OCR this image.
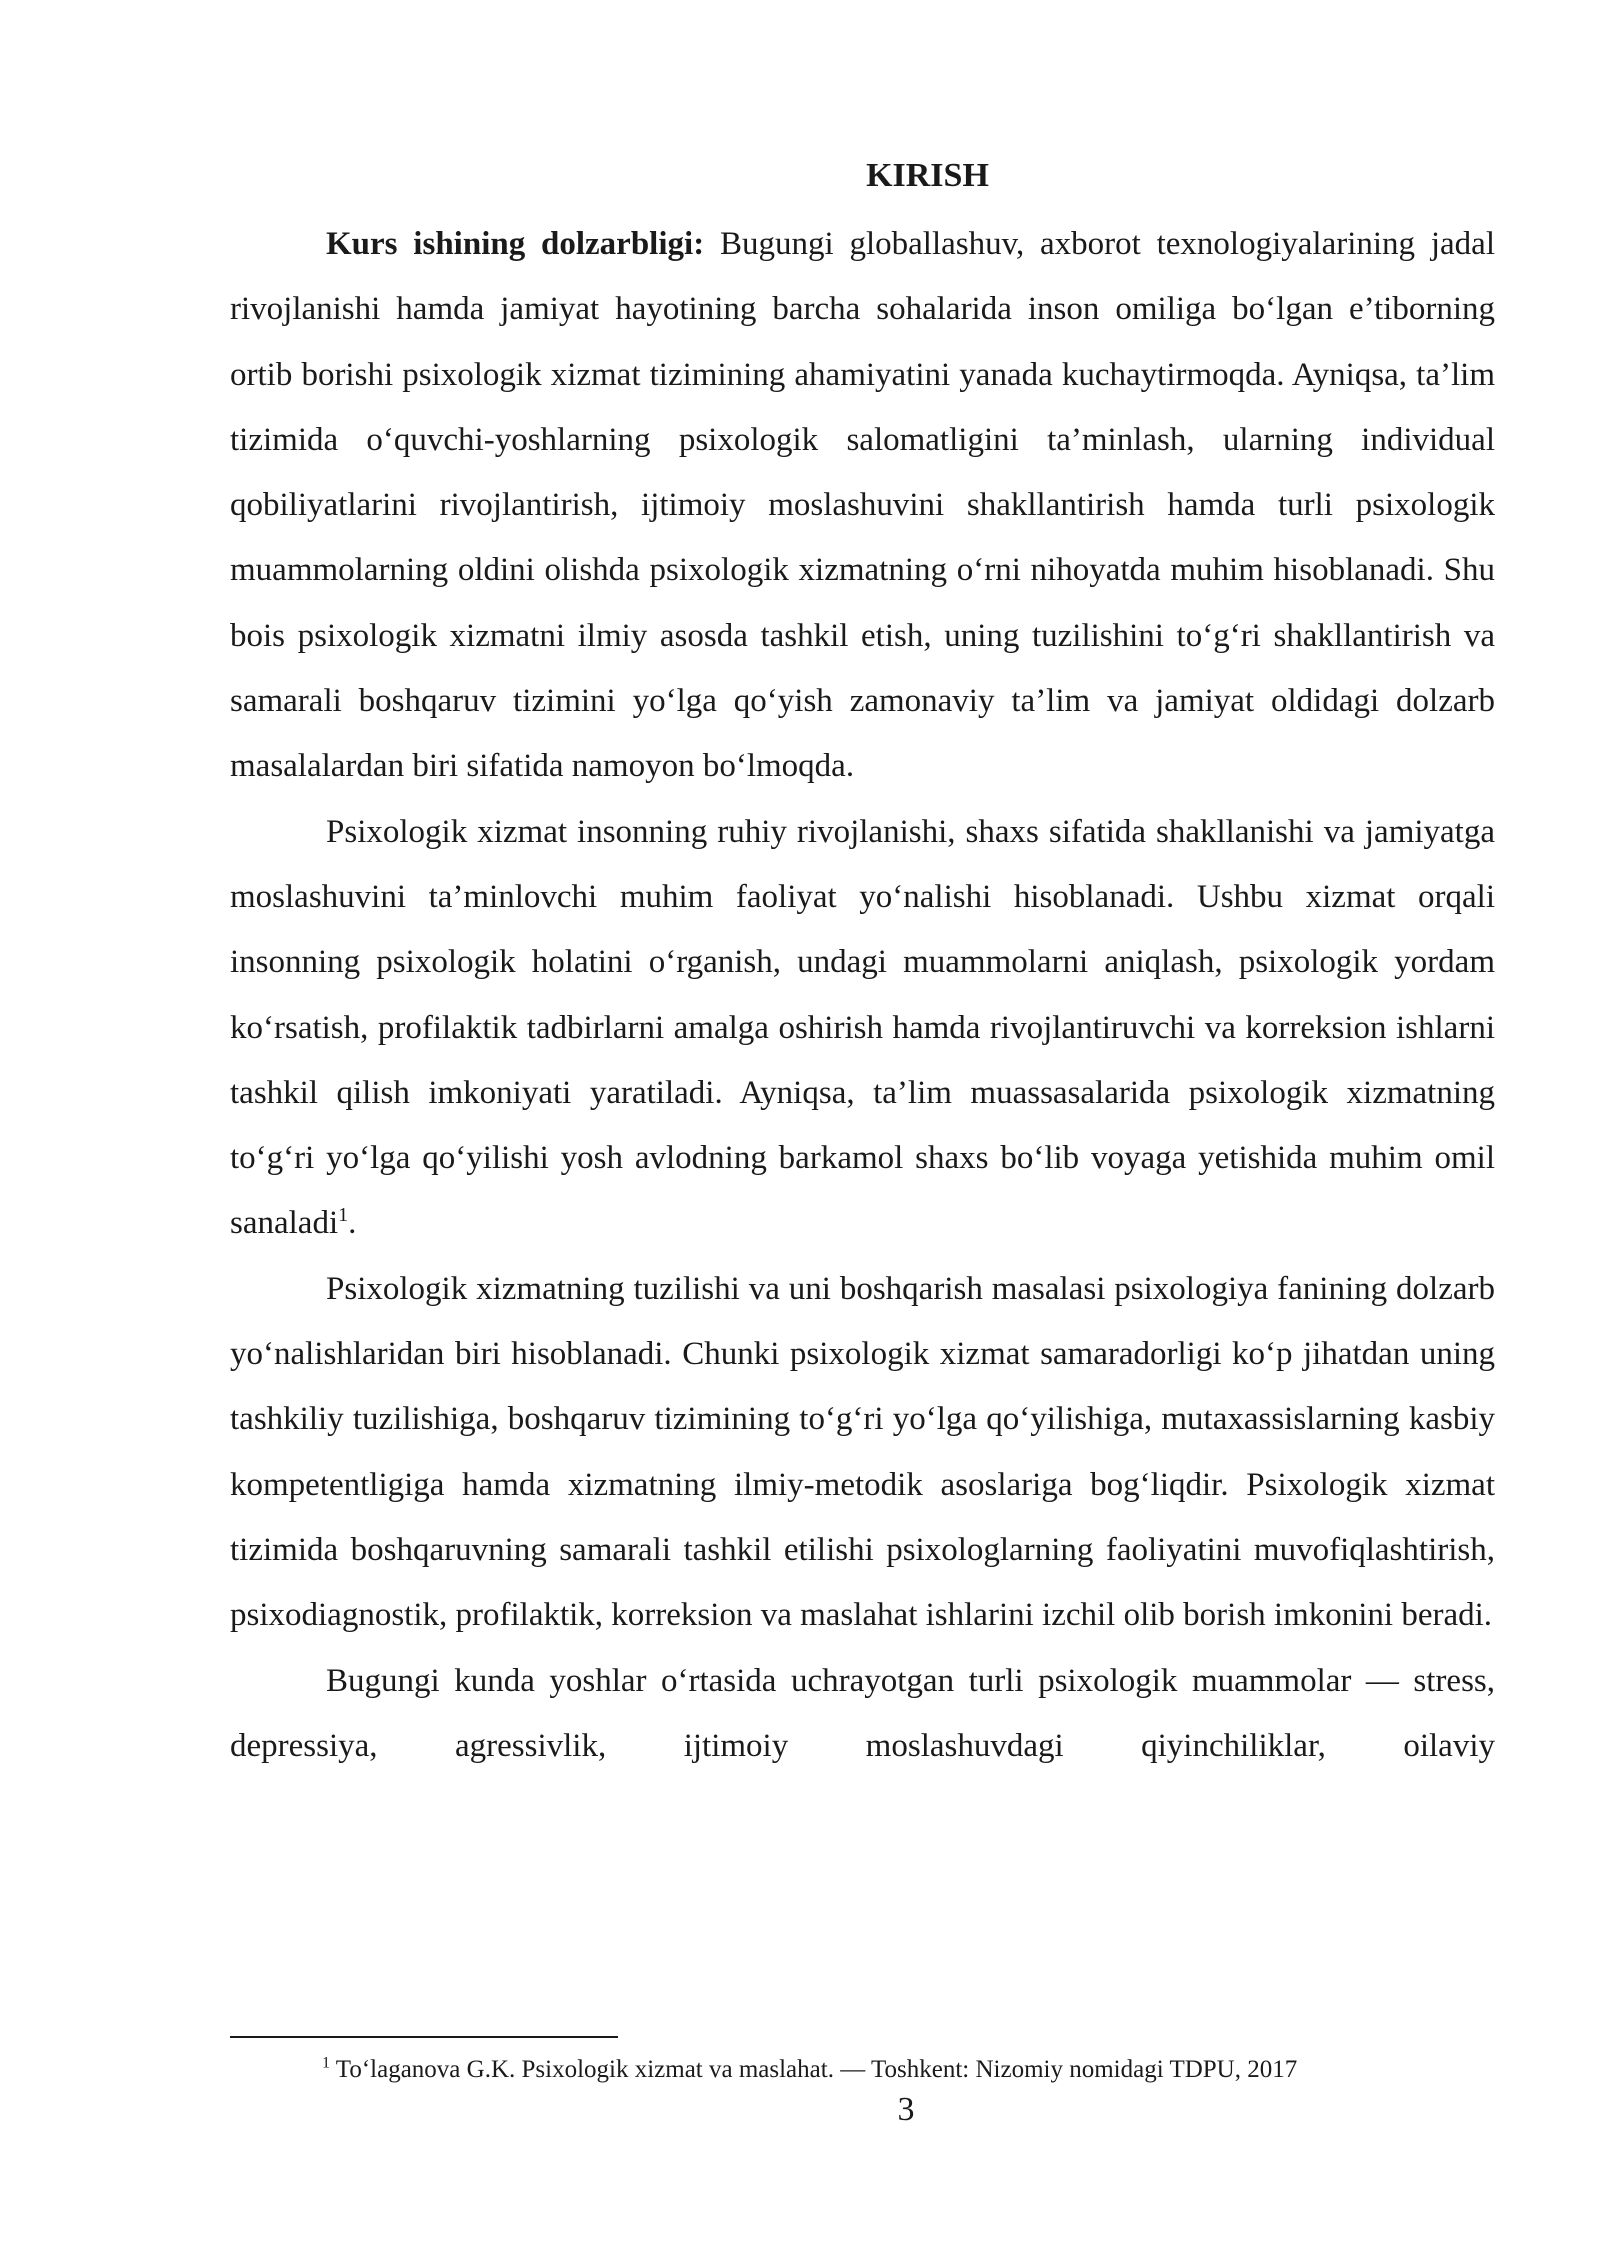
KIRISH

Kurs ishining dolzarbligi: Bugungi globallashuv, axborot texnologiyalarining jadal rivojlanishi hamda jamiyat hayotining barcha sohalarida inson omiliga boʻlgan e’tiborning ortib borishi psixologik xizmat tizimining ahamiyatini yanada kuchaytirmoqda. Ayniqsa, ta’lim tizimida oʻquvchi-yoshlarning psixologik salomatligini ta’minlash, ularning individual qobiliyatlarini rivojlantirish, ijtimoiy moslashuvini shakllantirish hamda turli psixologik muammolarning oldini olishda psixologik xizmatning oʻrni nihoyatda muhim hisoblanadi. Shu bois psixologik xizmatni ilmiy asosda tashkil etish, uning tuzilishini toʻgʻri shakllantirish va samarali boshqaruv tizimini yoʻlga qoʻyish zamonaviy ta’lim va jamiyat oldidagi dolzarb masalalardan biri sifatida namoyon boʻlmoqda.

Psixologik xizmat insonning ruhiy rivojlanishi, shaxs sifatida shakllanishi va jamiyatga moslashuvini ta’minlovchi muhim faoliyat yoʻnalishi hisoblanadi. Ushbu xizmat orqali insonning psixologik holatini oʻrganish, undagi muammolarni aniqlash, psixologik yordam koʻrsatish, profilaktik tadbirlarni amalga oshirish hamda rivojlantiruvchi va korreksion ishlarni tashkil qilish imkoniyati yaratiladi. Ayniqsa, ta’lim muassasalarida psixologik xizmatning toʻgʻri yoʻlga qoʻyilishi yosh avlodning barkamol shaxs boʻlib voyaga yetishida muhim omil sanaladi$^1$.

Psixologik xizmatning tuzilishi va uni boshqarish masalasi psixologiya fanining dolzarb yoʻnalishlaridan biri hisoblanadi. Chunki psixologik xizmat samaradorligi koʻp jihatdan uning tashkiliy tuzilishiga, boshqaruv tizimining toʻgʻri yoʻlga qoʻyilishiga, mutaxassislarning kasbiy kompetentligiga hamda xizmatning ilmiy-metodik asoslariga bogʻliqdir. Psixologik xizmat tizimida boshqaruvning samarali tashkil etilishi psixologlarning faoliyatini muvofiqlashtirish, psixodiagnostik, profilaktik, korreksion va maslahat ishlarini izchil olib borish imkonini beradi.

Bugungi kunda yoshlar oʻrtasida uchrayotgan turli psixologik muammolar — stress, depressiya, agressivlik, ijtimoiy moslashuvdagi qiyinchiliklar, oilaviy

$^1$ Toʻlaganova G.K. Psixologik xizmat va maslahat. — Toshkent: Nizomiy nomidagi TDPU, 2017
3
